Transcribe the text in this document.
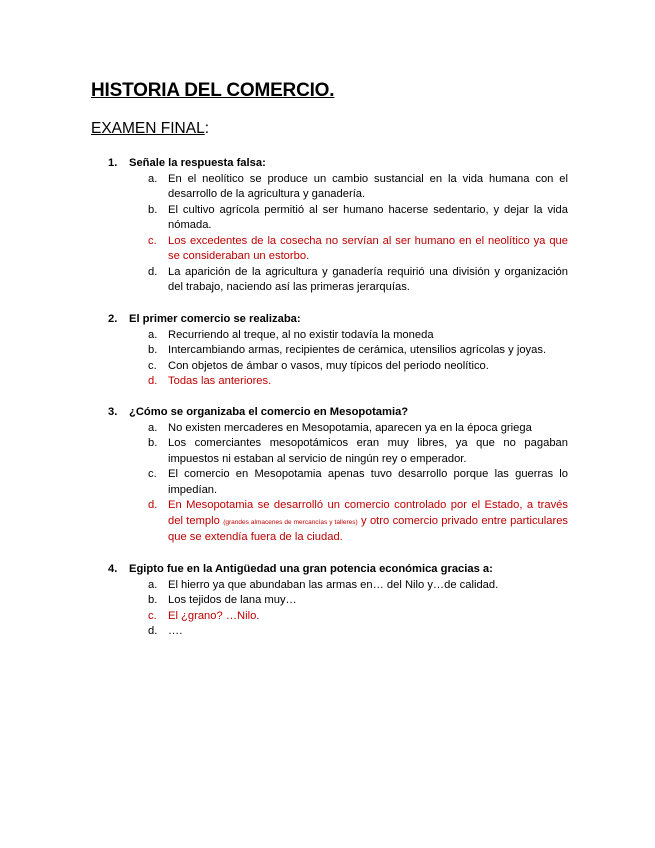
HISTORIA DEL COMERCIO.

EXAMEN FINAL:

1. Señale la respuesta falsa:
a. En el neolítico se produce un cambio sustancial en la vida humana con el desarrollo de la agricultura y ganadería.
b. El cultivo agrícola permitió al ser humano hacerse sedentario, y dejar la vida nómada.
c. Los excedentes de la cosecha no servían al ser humano en el neolítico ya que se consideraban un estorbo.
d. La aparición de la agricultura y ganadería requirió una división y organización del trabajo, naciendo así las primeras jerarquías.
2. El primer comercio se realizaba:
a. Recurriendo al treque, al no existir todavía la moneda
b. Intercambiando armas, recipientes de cerámica, utensilios agrícolas y joyas.
c. Con objetos de ámbar o vasos, muy típicos del periodo neolítico.
d. Todas las anteriores.
3. ¿Cómo se organizaba el comercio en Mesopotamia?
a. No existen mercaderes en Mesopotamia, aparecen ya en la época griega
b. Los comerciantes mesopotámicos eran muy libres, ya que no pagaban impuestos ni estaban al servicio de ningún rey o emperador.
c. El comercio en Mesopotamia apenas tuvo desarrollo porque las guerras lo impedían.
d. En Mesopotamia se desarrolló un comercio controlado por el Estado, a través del templo (grandes almacenes de mercancías y talleres) y otro comercio privado entre particulares que se extendía fuera de la ciudad.
4. Egipto fue en la Antigüedad una gran potencia económica gracias a:
a. El hierro ya que abundaban las armas en… del Nilo y…de calidad.
b. Los tejidos de lana muy…
c. El ¿grano? …Nilo.
d. ….
